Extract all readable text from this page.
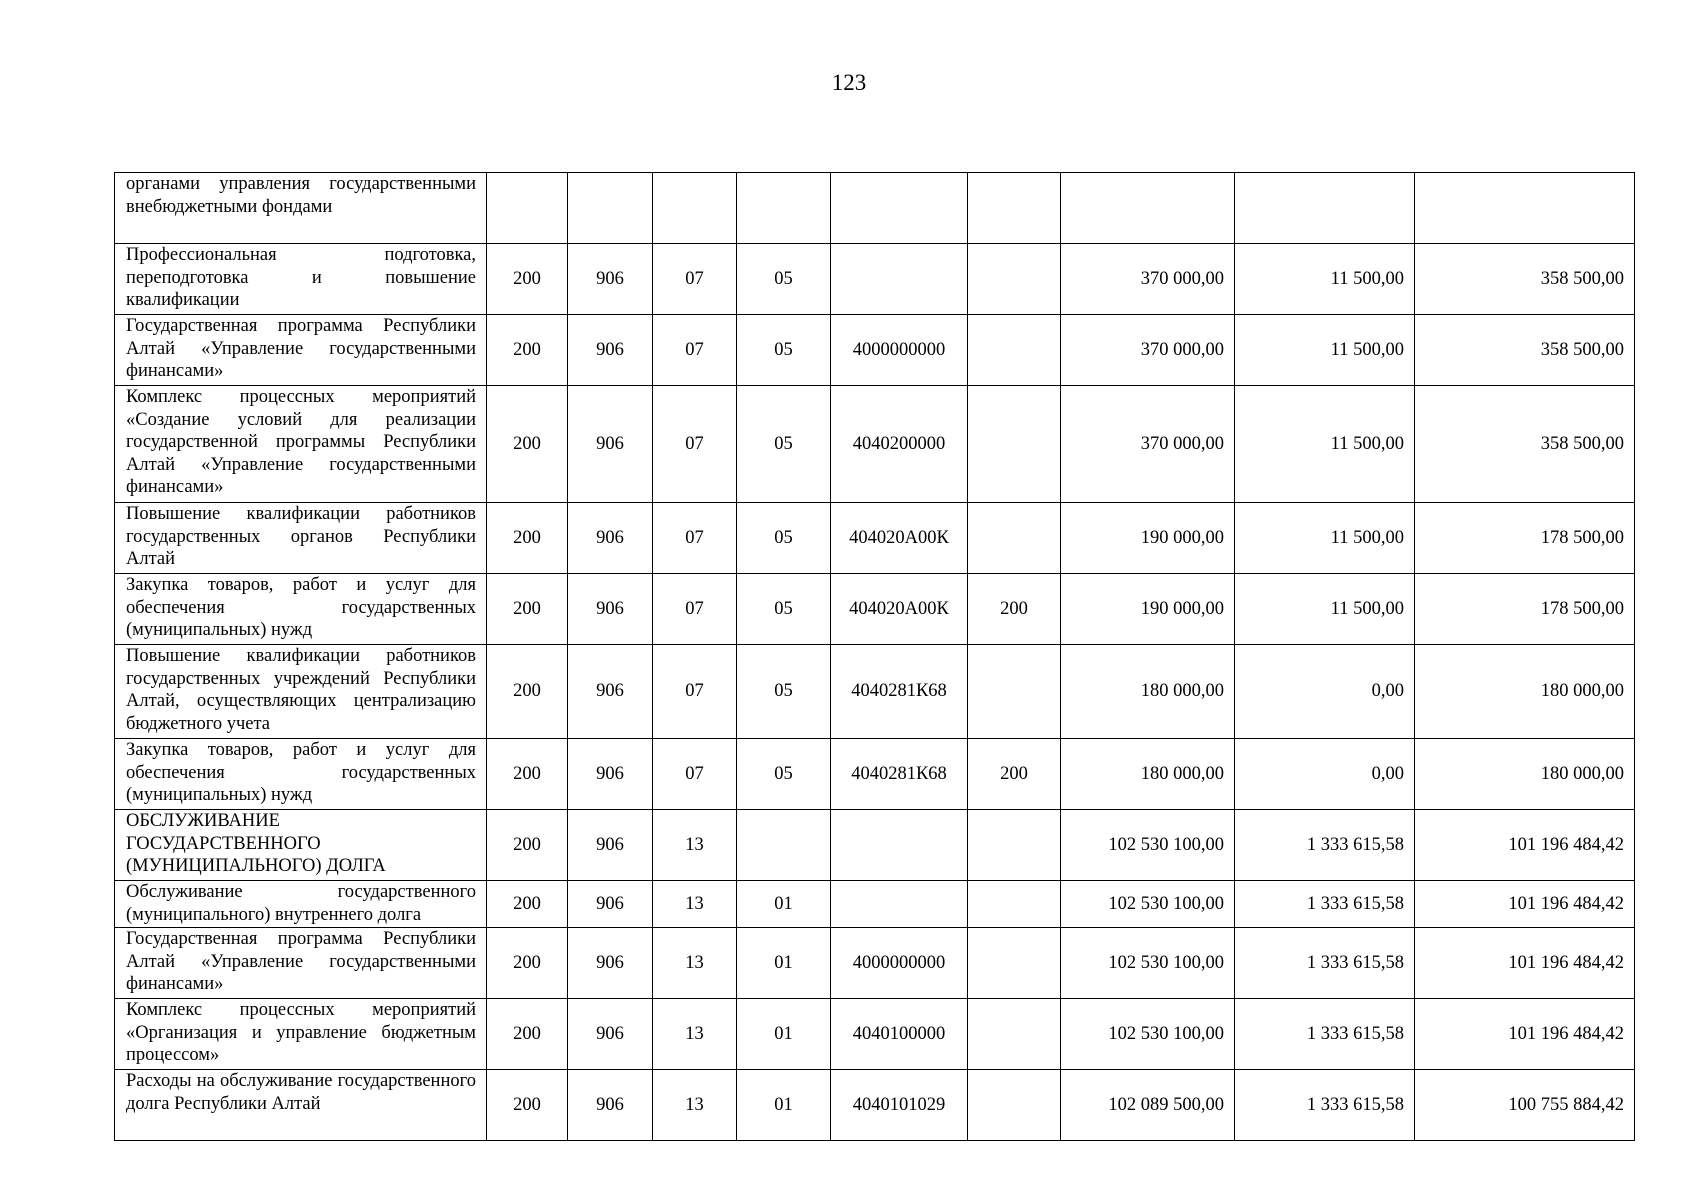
123
органами управления государственными внебюджетными фондами									
Профессиональная подготовка, переподготовка и повышение квалификации	200	906	07	05			370 000,00	11 500,00	358 500,00
Государственная программа Республики Алтай «Управление государственными финансами»	200	906	07	05	4000000000		370 000,00	11 500,00	358 500,00
Комплекс процессных мероприятий «Создание условий для реализации государственной программы Республики Алтай «Управление государственными финансами»	200	906	07	05	4040200000		370 000,00	11 500,00	358 500,00
Повышение квалификации работников государственных органов Республики Алтай	200	906	07	05	404020А00К		190 000,00	11 500,00	178 500,00
Закупка товаров, работ и услуг для обеспечения государственных (муниципальных) нужд	200	906	07	05	404020А00К	200	190 000,00	11 500,00	178 500,00
Повышение квалификации работников государственных учреждений Республики Алтай, осуществляющих централизацию бюджетного учета	200	906	07	05	4040281К68		180 000,00	0,00	180 000,00
Закупка товаров, работ и услуг для обеспечения государственных (муниципальных) нужд	200	906	07	05	4040281К68	200	180 000,00	0,00	180 000,00
ОБСЛУЖИВАНИЕ ГОСУДАРСТВЕННОГО (МУНИЦИПАЛЬНОГО) ДОЛГА	200	906	13				102 530 100,00	1 333 615,58	101 196 484,42
Обслуживание государственного (муниципального) внутреннего долга	200	906	13	01			102 530 100,00	1 333 615,58	101 196 484,42
Государственная программа Республики Алтай «Управление государственными финансами»	200	906	13	01	4000000000		102 530 100,00	1 333 615,58	101 196 484,42
Комплекс процессных мероприятий «Организация и управление бюджетным процессом»	200	906	13	01	4040100000		102 530 100,00	1 333 615,58	101 196 484,42
Расходы на обслуживание государственного долга Республики Алтай	200	906	13	01	4040101029		102 089 500,00	1 333 615,58	100 755 884,42
